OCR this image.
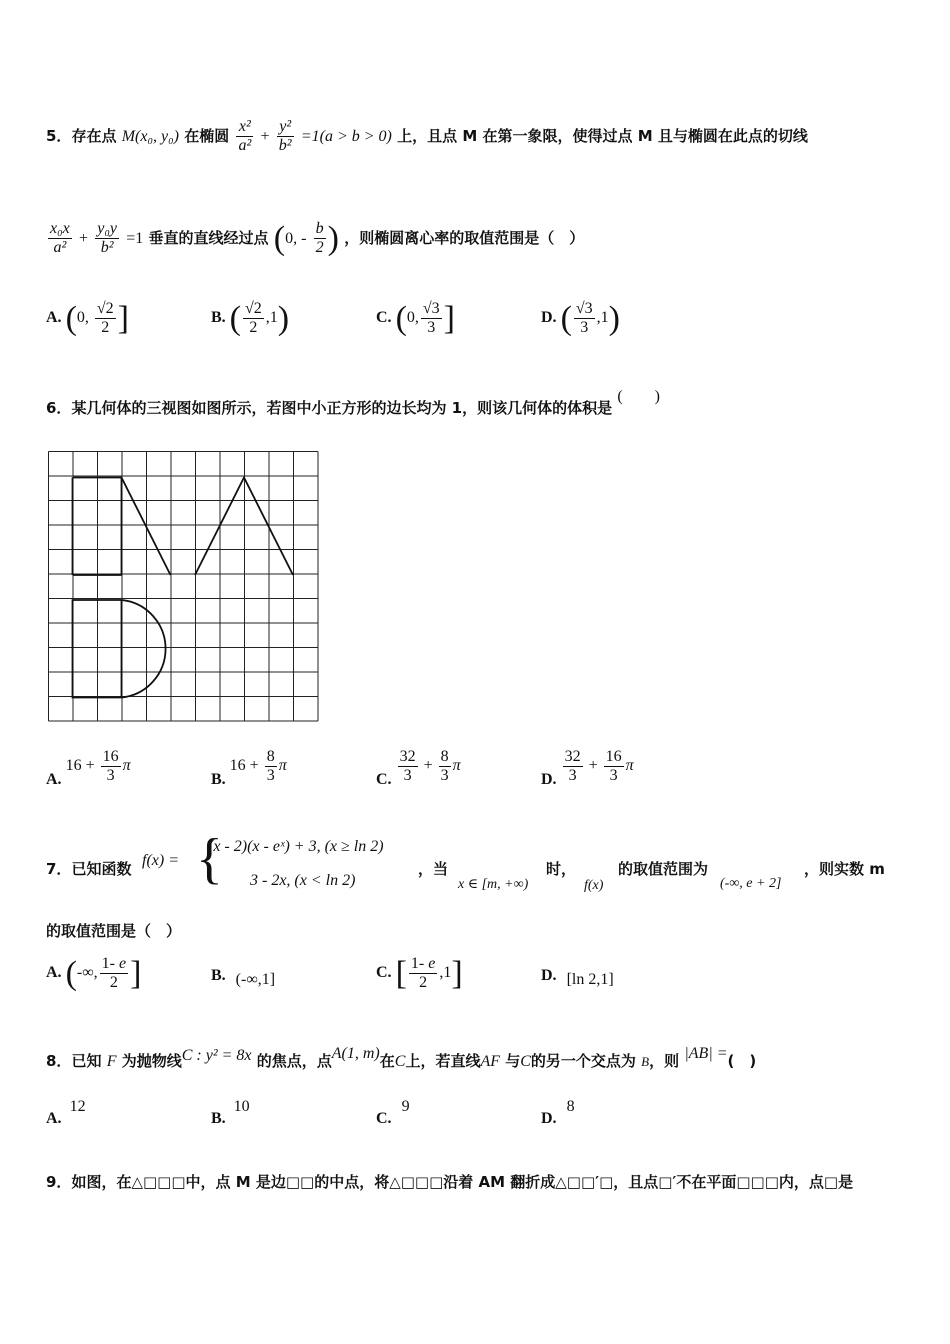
5．存在点 M(x₀, y₀) 在椭圆 $\frac{\text{x²}}{\text{a²}} + \frac{\text{y²}}{\text{b²}} =1(a > b > 0)$ 上，且点 M 在第一象限，使得过点 M 且与椭圆在此点的切线
$\frac{\text{x₀x}}{\text{a²}} + \frac{\text{y₀y}}{\text{b²}} =1$ 垂直的直线经过点 (0, - $\frac{b}{2}$ ) ，则椭圆离心率的取值范围是（　）
A. (0, $\frac{√2}{2}$ ]	B. ( $\frac{√2}{2} ,1$)	C. (0, $\frac{√3}{3}$ ]	D. ( $\frac{√3}{3} ,1$)
6．某几何体的三视图如图所示，若图中小正方形的边长均为 1，则该几何体的体积是 (　　)
A. $16 + \frac{16}{3}$ π
B. $16 + \frac{8}{3}$ π
C. $\frac{32}{3} + \frac{8}{3}$ π
D. $\frac{32}{3} + \frac{16}{3}$ π
7．已知函数 f(x) = {
(x - 2)(x - eˣ) + 3, (x ≥ ln 2)
3 - 2x, (x < ln 2)
，当
x ∈ [m, +∞)
时，
f(x)
的取值范围为
(-∞, e + 2]
，则实数 m
的取值范围是（　）
A. (-∞, $\frac{1- e}{2}$ ]	B. (-∞,1]	C. [ $\frac{1- e}{2} ,1$]	D. [ln 2,1]
8．已知 F 为抛物线C : y² = 8x 的焦点，点A(1, m)在C上，若直线AF 与C的另一个交点为 B，则 |AB| =(　)
A. 12
B. 10
C. 9
D. 8
9．如图，在△□□□中，点 M 是边□□的中点，将△□□□沿着 AM 翻折成△□□′□，且点□′不在平面□□□内，点□是
